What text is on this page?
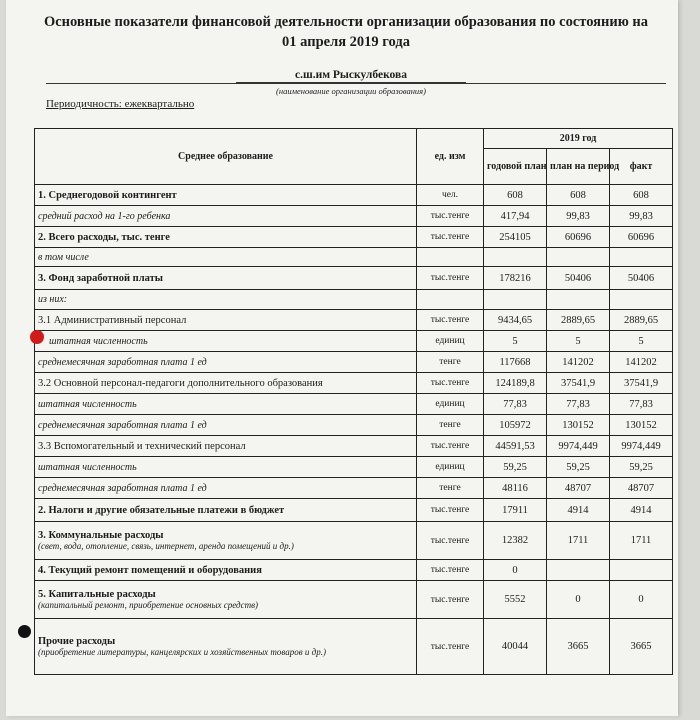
Основные показатели финансовой деятельности организации образования по состоянию на 01 апреля 2019 года
с.ш.им Рыскулбекова
(наименование организации образования)
Периодичность: ежеквартально
Среднее образование	ед. изм	2019 год		
		годовой план	план на период	факт
1. Среднегодовой контингент	чел.	608	608	608
средний расход на 1-го ребенка	тыс.тенге	417,94	99,83	99,83
2. Всего расходы, тыс. тенге	тыс.тенге	254105	60696	60696
в том числе				
3. Фонд заработной платы	тыс.тенге	178216	50406	50406
из них:				
3.1 Административный персонал	тыс.тенге	9434,65	2889,65	2889,65
штатная численность	единиц	5	5	5
среднемесячная заработная плата 1 ед	тенге	117668	141202	141202
3.2 Основной персонал-педагоги дополнительного образования	тыс.тенге	124189,8	37541,9	37541,9
штатная численность	единиц	77,83	77,83	77,83
среднемесячная заработная плата 1 ед	тенге	105972	130152	130152
3.3 Вспомогательный и технический персонал	тыс.тенге	44591,53	9974,449	9974,449
штатная численность	единиц	59,25	59,25	59,25
среднемесячная заработная плата 1 ед	тенге	48116	48707	48707
2. Налоги и другие обязательные платежи в бюджет	тыс.тенге	17911	4914	4914
3. Коммунальные расходы
(свет, вода, отопление, связь, интернет, аренда помещений и др.)	тыс.тенге	12382	1711	1711
4. Текущий ремонт помещений и оборудования	тыс.тенге	0		
5. Капитальные расходы
(капитальный ремонт, приобретение основных средств)	тыс.тенге	5552	0	0
Прочие расходы
(приобретение литературы, канцелярских и хозяйственных товаров и др.)	тыс.тенге	40044	3665	3665
